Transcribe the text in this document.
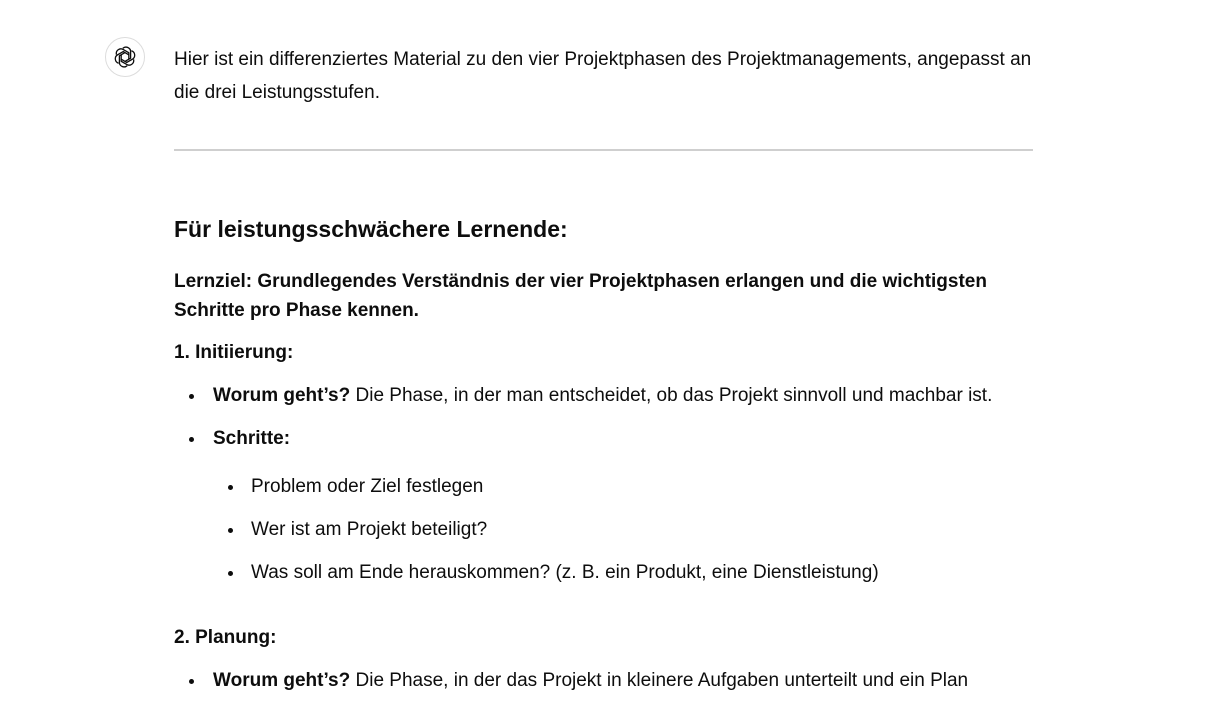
Hier ist ein differenziertes Material zu den vier Projektphasen des Projektmanagements, angepasst an die drei Leistungsstufen.

Für leistungsschwächere Lernende:

Lernziel: Grundlegendes Verständnis der vier Projektphasen erlangen und die wichtigsten Schritte pro Phase kennen.

1. Initiierung:

Worum geht’s? Die Phase, in der man entscheidet, ob das Projekt sinnvoll und machbar ist.
Schritte:
Problem oder Ziel festlegen
Wer ist am Projekt beteiligt?
Was soll am Ende herauskommen? (z. B. ein Produkt, eine Dienstleistung)

2. Planung:

Worum geht’s? Die Phase, in der das Projekt in kleinere Aufgaben unterteilt und ein Plan
